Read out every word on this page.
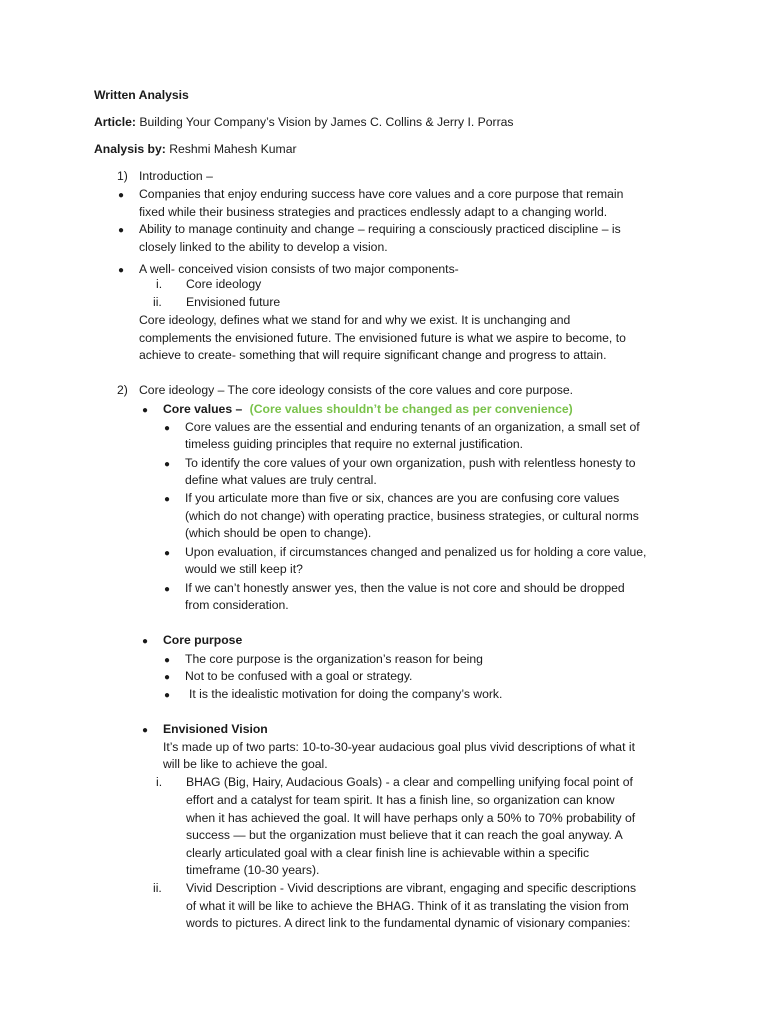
Written Analysis
Article: Building Your Company’s Vision by James C. Collins & Jerry I. Porras
Analysis by: Reshmi Mahesh Kumar
1) Introduction –
● Companies that enjoy enduring success have core values and a core purpose that remain
fixed while their business strategies and practices endlessly adapt to a changing world.
● Ability to manage continuity and change – requiring a consciously practiced discipline – is
closely linked to the ability to develop a vision.
● A well- conceived vision consists of two major components-
i. Core ideology
ii. Envisioned future
Core ideology, defines what we stand for and why we exist. It is unchanging and
complements the envisioned future. The envisioned future is what we aspire to become, to
achieve to create- something that will require significant change and progress to attain.
2) Core ideology – The core ideology consists of the core values and core purpose.
● Core values – (Core values shouldn’t be changed as per convenience)
● Core values are the essential and enduring tenants of an organization, a small set of
timeless guiding principles that require no external justification.
● To identify the core values of your own organization, push with relentless honesty to
define what values are truly central.
● If you articulate more than five or six, chances are you are confusing core values
(which do not change) with operating practice, business strategies, or cultural norms
(which should be open to change).
● Upon evaluation, if circumstances changed and penalized us for holding a core value,
would we still keep it?
● If we can’t honestly answer yes, then the value is not core and should be dropped
from consideration.
● Core purpose
● The core purpose is the organization’s reason for being
● Not to be confused with a goal or strategy.
● It is the idealistic motivation for doing the company’s work.
● Envisioned Vision
It’s made up of two parts: 10-to-30-year audacious goal plus vivid descriptions of what it
will be like to achieve the goal.
i. BHAG (Big, Hairy, Audacious Goals) - a clear and compelling unifying focal point of
effort and a catalyst for team spirit. It has a finish line, so organization can know
when it has achieved the goal. It will have perhaps only a 50% to 70% probability of
success — but the organization must believe that it can reach the goal anyway. A
clearly articulated goal with a clear finish line is achievable within a specific
timeframe (10-30 years).
ii. Vivid Description - Vivid descriptions are vibrant, engaging and specific descriptions
of what it will be like to achieve the BHAG. Think of it as translating the vision from
words to pictures. A direct link to the fundamental dynamic of visionary companies:
